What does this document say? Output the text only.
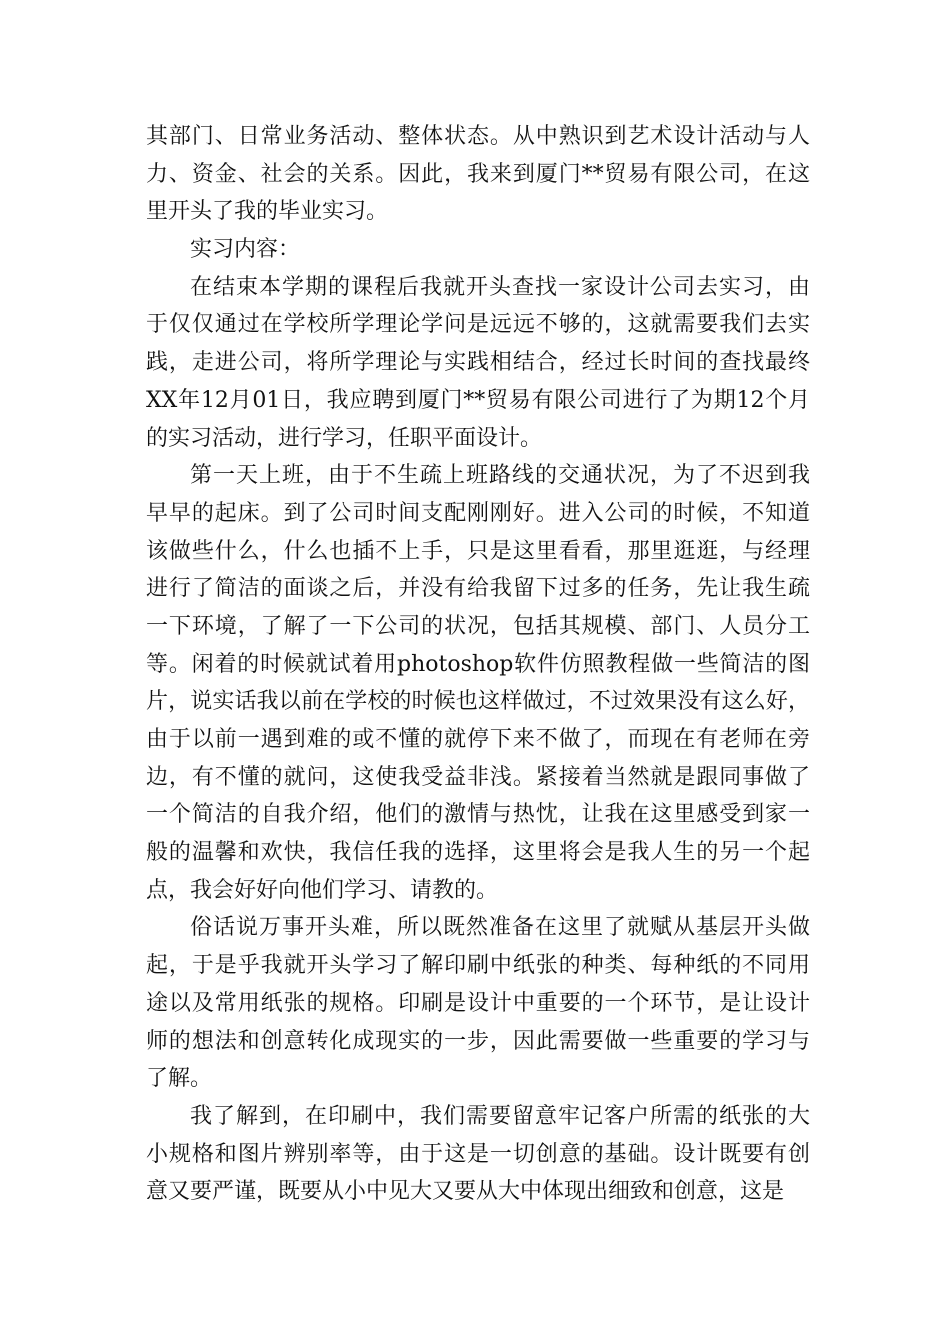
其部门、日常业务活动、整体状态。从中熟识到艺术设计活动与人
力、资金、社会的关系。因此，我来到厦门**贸易有限公司，在这
里开头了我的毕业实习。
实习内容：
在结束本学期的课程后我就开头查找一家设计公司去实习，由
于仅仅通过在学校所学理论学问是远远不够的，这就需要我们去实
践，走进公司，将所学理论与实践相结合，经过长时间的查找最终
XX年12月01日，我应聘到厦门**贸易有限公司进行了为期12个月
的实习活动，进行学习，任职平面设计。
第一天上班，由于不生疏上班路线的交通状况，为了不迟到我
早早的起床。到了公司时间支配刚刚好。进入公司的时候，不知道
该做些什么，什么也插不上手，只是这里看看，那里逛逛，与经理
进行了简洁的面谈之后，并没有给我留下过多的任务，先让我生疏
一下环境，了解了一下公司的状况，包括其规模、部门、人员分工
等。闲着的时候就试着用photoshop软件仿照教程做一些简洁的图
片，说实话我以前在学校的时候也这样做过，不过效果没有这么好，
由于以前一遇到难的或不懂的就停下来不做了，而现在有老师在旁
边，有不懂的就问，这使我受益非浅。紧接着当然就是跟同事做了
一个简洁的自我介绍，他们的激情与热忱，让我在这里感受到家一
般的温馨和欢快，我信任我的选择，这里将会是我人生的另一个起
点，我会好好向他们学习、请教的。
俗话说万事开头难，所以既然准备在这里了就赋从基层开头做
起，于是乎我就开头学习了解印刷中纸张的种类、每种纸的不同用
途以及常用纸张的规格。印刷是设计中重要的一个环节，是让设计
师的想法和创意转化成现实的一步，因此需要做一些重要的学习与
了解。
我了解到，在印刷中，我们需要留意牢记客户所需的纸张的大
小规格和图片辨别率等，由于这是一切创意的基础。设计既要有创
意又要严谨，既要从小中见大又要从大中体现出细致和创意，这是
